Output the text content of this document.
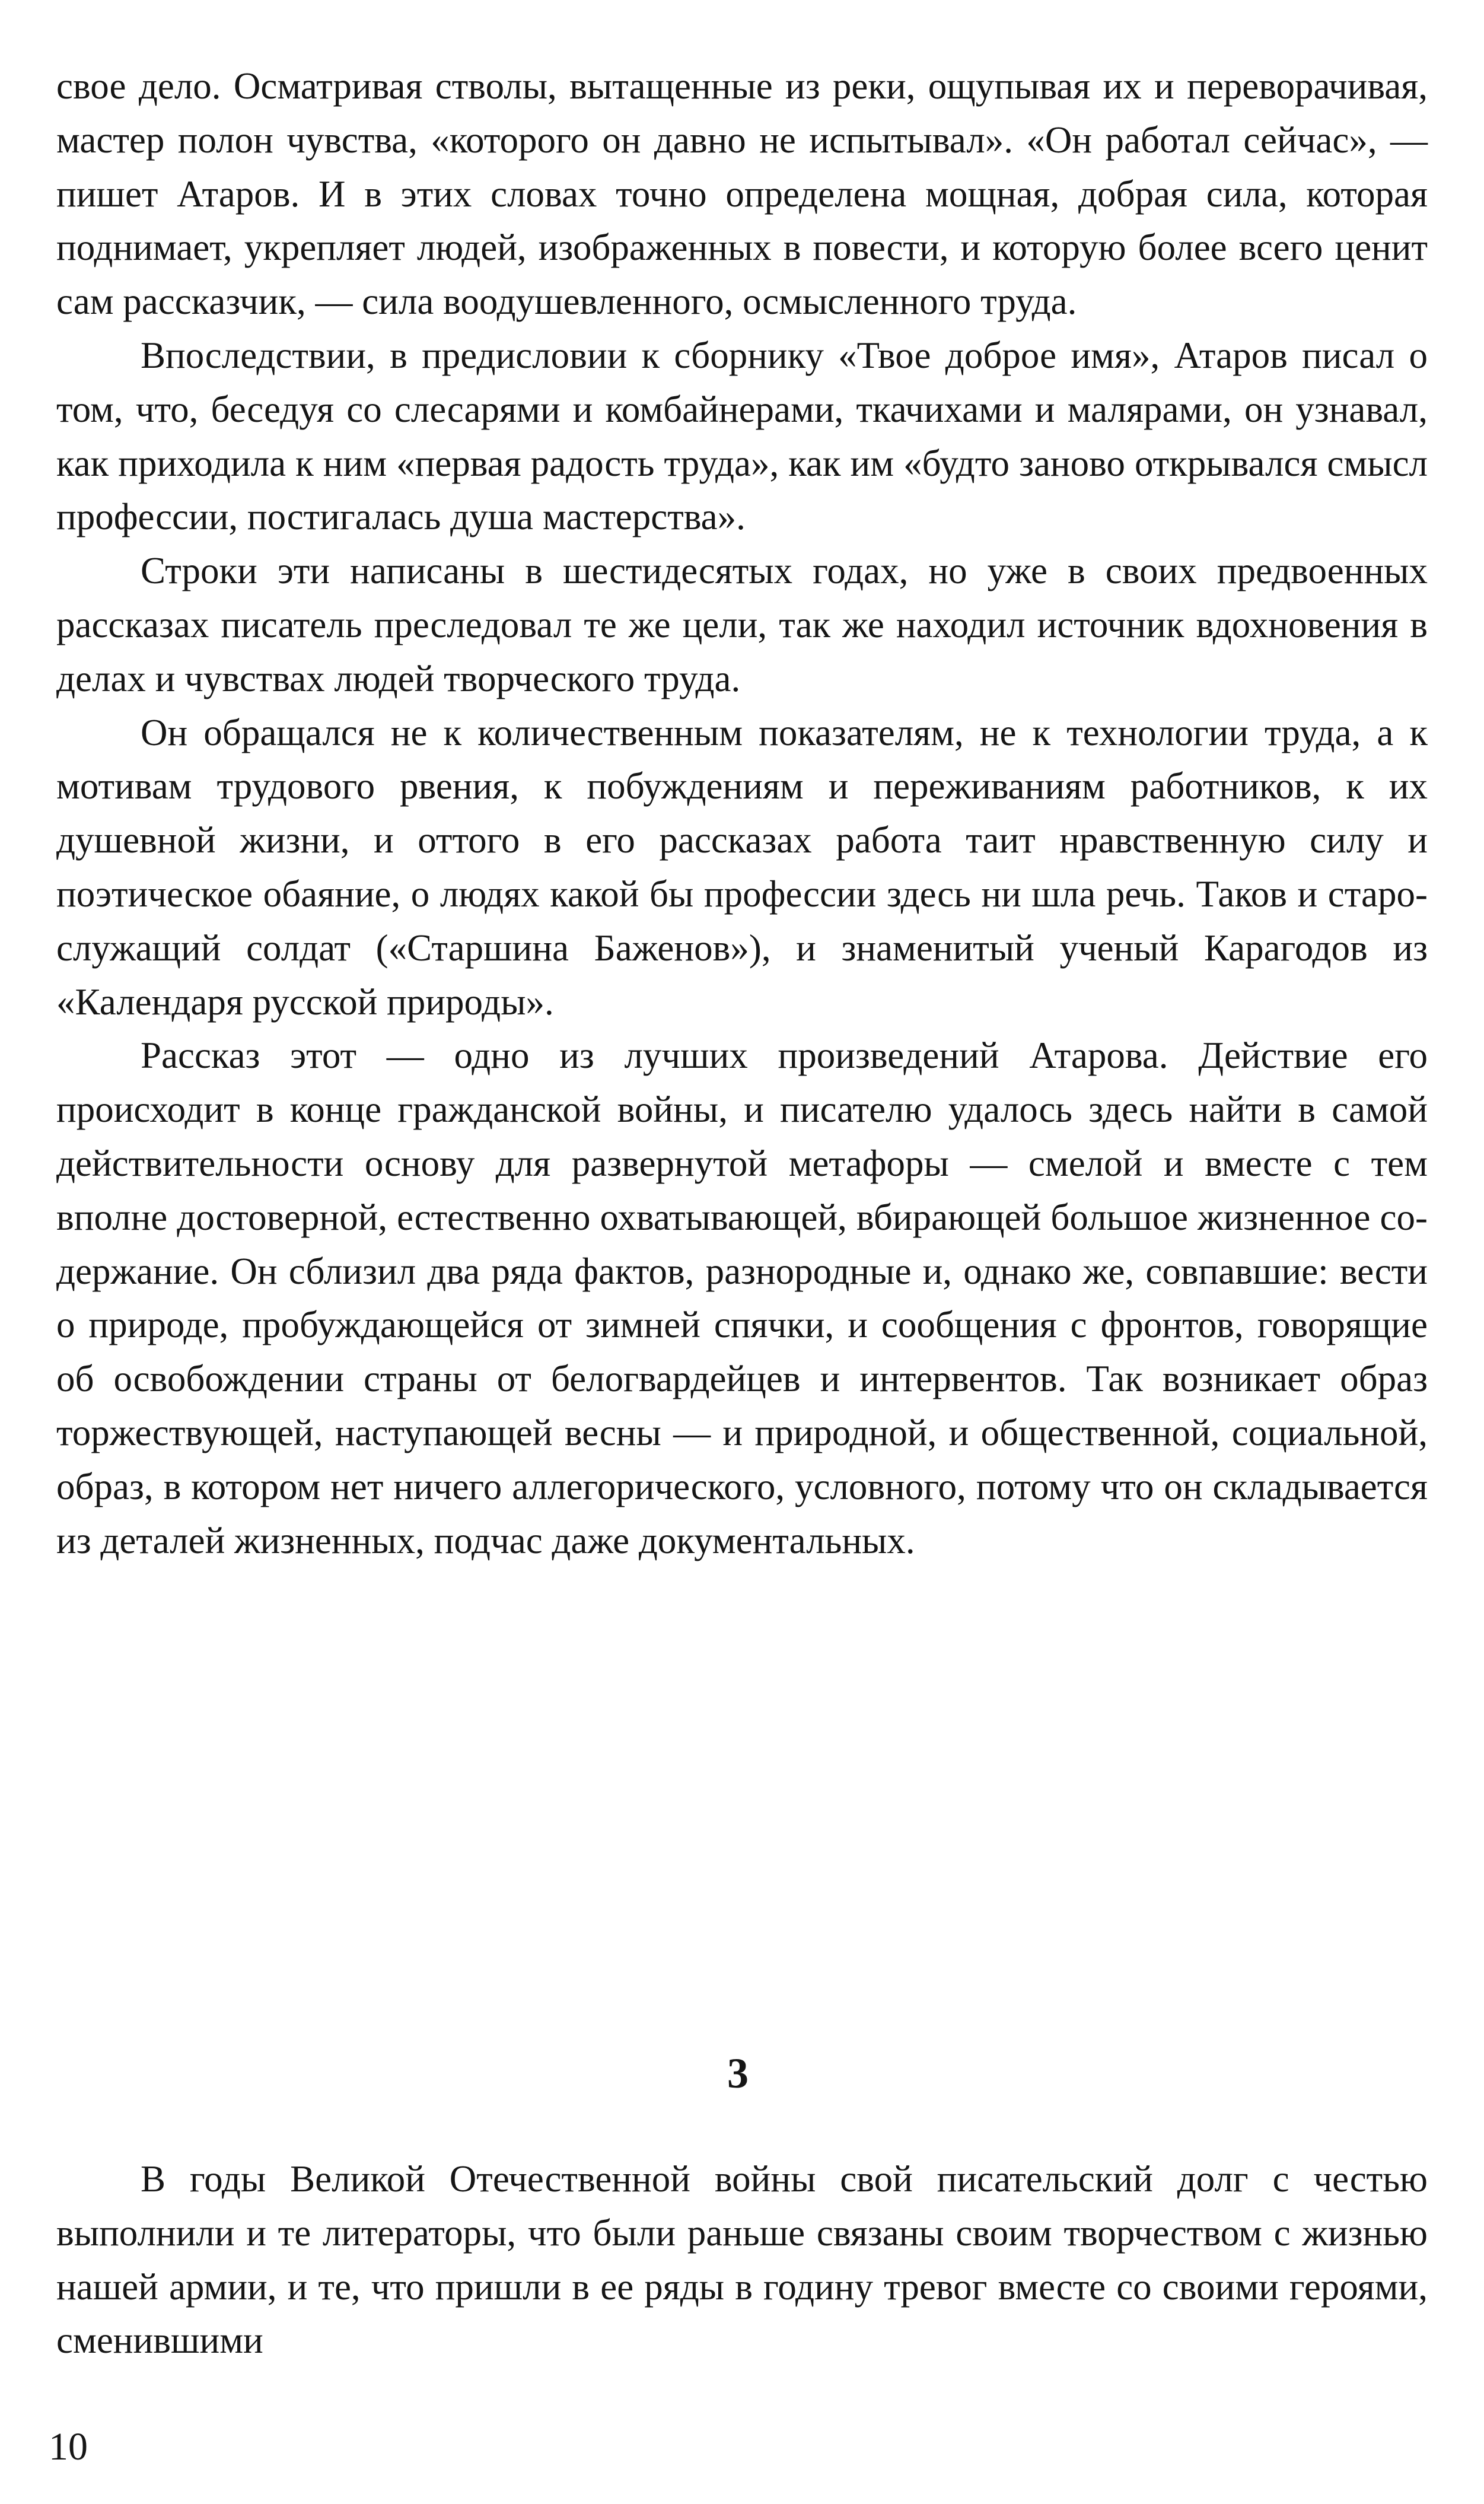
свое дело. Осматривая стволы, вытащенные из реки, ощупывая их и переворачивая, мастер полон чувства, «которого он давно не испытывал». «Он работал сейчас», — пишет Атаров. И в этих словах точно определена мощная, добрая сила, которая поднимает, укрепляет людей, изображенных в повести, и которую более всего ценит сам рассказчик, — сила воодушевленного, осмысленного труда.

Впоследствии, в предисловии к сборнику «Твое доброе имя», Атаров писал о том, что, беседуя со слесарями и комбайнерами, ткачихами и малярами, он узнавал, как приходила к ним «первая радость труда», как им «будто заново открывался смысл профессии, постигалась душа мастерства».

Строки эти написаны в шестидесятых годах, но уже в своих предвоенных рассказах писатель преследовал те же цели, так же находил источник вдохновения в делах и чувствах людей творческого труда.

Он обращался не к количественным показателям, не к технологии труда, а к мотивам трудового рвения, к побуждениям и переживаниям работников, к их душевной жизни, и оттого в его рассказах работа таит нравственную силу и поэтическое обаяние, о людях какой бы профессии здесь ни шла речь. Таков и старослужащий солдат («Старшина Баженов»), и знаменитый ученый Карагодов из «Календаря русской природы».

Рассказ этот — одно из лучших произведений Атарова. Действие его происходит в конце гражданской войны, и писателю удалось здесь найти в самой действительности основу для развернутой метафоры — смелой и вместе с тем вполне достоверной, естественно охватывающей, вбирающей большое жизненное содержание. Он сблизил два ряда фактов, разнородные и, однако же, совпавшие: вести о природе, пробуждающейся от зимней спячки, и сообщения с фронтов, говорящие об освобождении страны от белогвардейцев и интервентов. Так возникает образ торжествующей, наступающей весны — и природной, и общественной, социальной, образ, в котором нет ничего аллегорического, условного, потому что он складывается из деталей жизненных, подчас даже документальных.

3

В годы Великой Отечественной войны свой писательский долг с честью выполнили и те литераторы, что были раньше связаны своим творчеством с жизнью нашей армии, и те, что пришли в ее ряды в годину тревог вместе со своими героями, сменившими

10
